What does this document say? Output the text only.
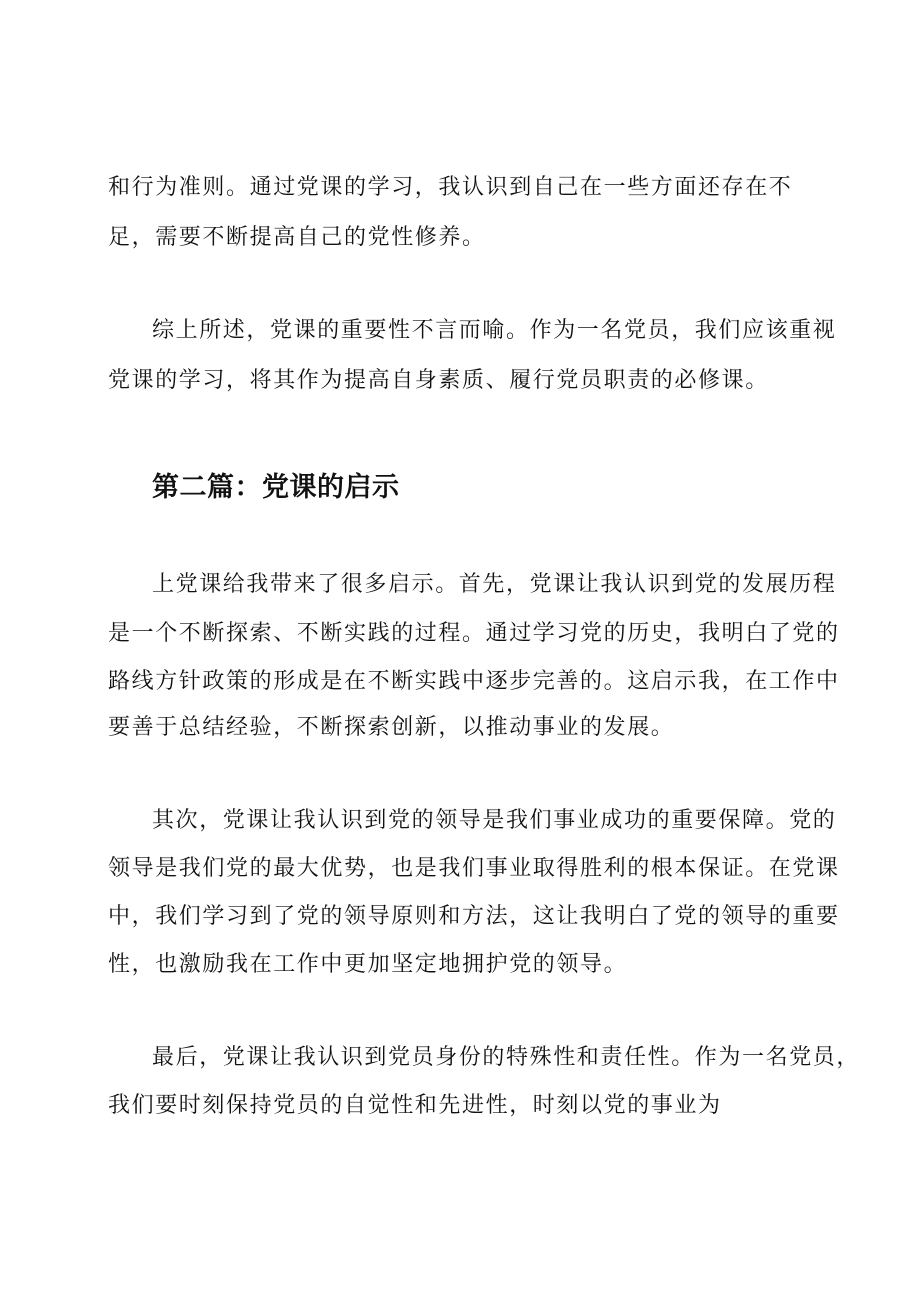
和行为准则。通过党课的学习，我认识到自己在一些方面还存在不
足，需要不断提高自己的党性修养。
综上所述，党课的重要性不言而喻。作为一名党员，我们应该重视
党课的学习，将其作为提高自身素质、履行党员职责的必修课。
第二篇：党课的启示
上党课给我带来了很多启示。首先，党课让我认识到党的发展历程
是一个不断探索、不断实践的过程。通过学习党的历史，我明白了党的
路线方针政策的形成是在不断实践中逐步完善的。这启示我，在工作中
要善于总结经验，不断探索创新，以推动事业的发展。
其次，党课让我认识到党的领导是我们事业成功的重要保障。党的
领导是我们党的最大优势，也是我们事业取得胜利的根本保证。在党课
中，我们学习到了党的领导原则和方法，这让我明白了党的领导的重要
性，也激励我在工作中更加坚定地拥护党的领导。
最后，党课让我认识到党员身份的特殊性和责任性。作为一名党员，
我们要时刻保持党员的自觉性和先进性，时刻以党的事业为
